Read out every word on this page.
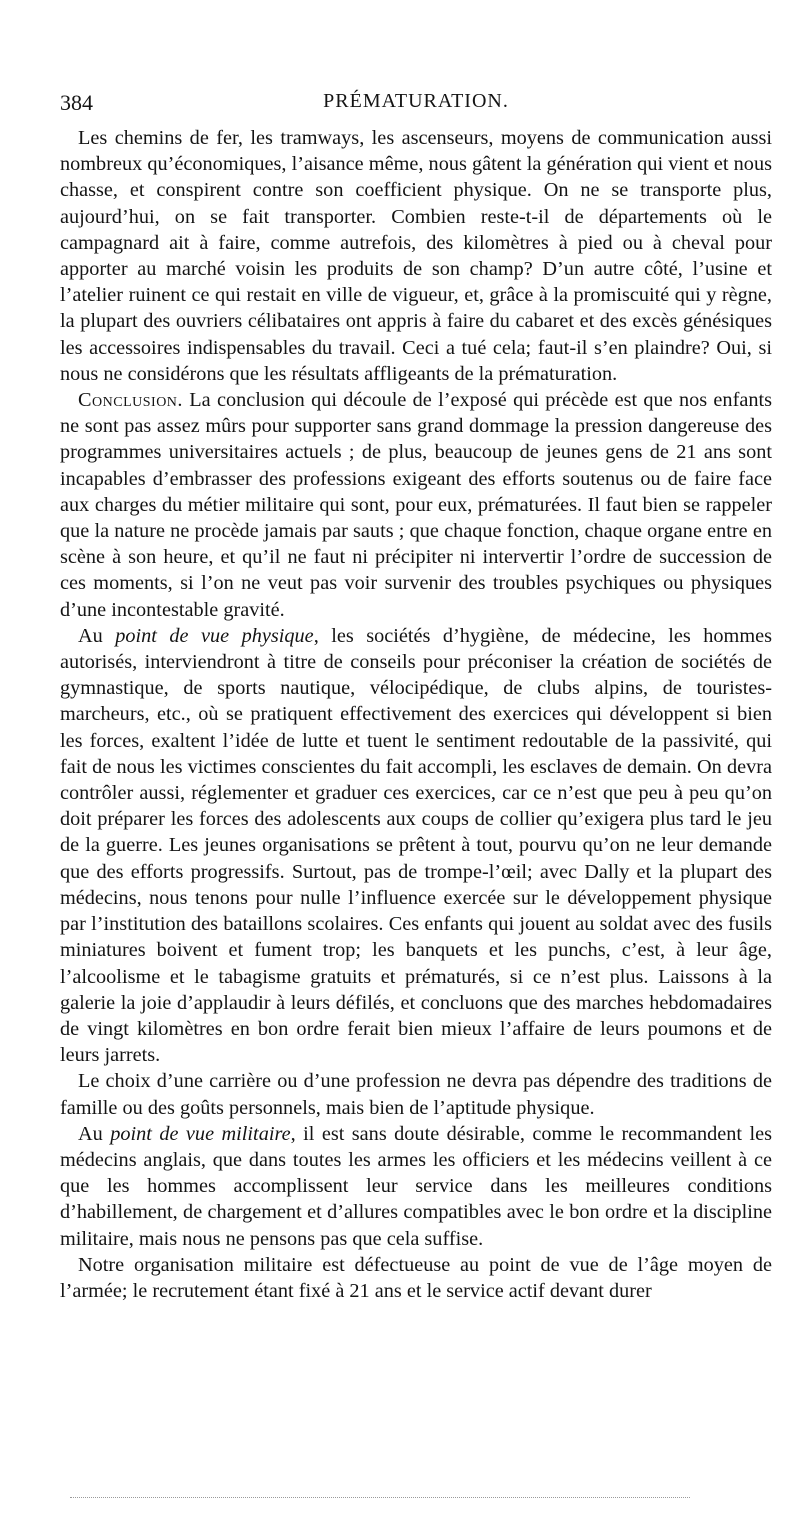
384	PRÉMATURATION.

Les chemins de fer, les tramways, les ascenseurs, moyens de communication aussi nombreux qu’économiques, l’aisance même, nous gâtent la génération qui vient et nous chasse, et conspirent contre son coefficient physique. On ne se transporte plus, aujourd’hui, on se fait transporter. Combien reste-t-il de départements où le campagnard ait à faire, comme autrefois, des kilomètres à pied ou à cheval pour apporter au marché voisin les produits de son champ? D’un autre côté, l’usine et l’atelier ruinent ce qui restait en ville de vigueur, et, grâce à la promiscuité qui y règne, la plupart des ouvriers célibataires ont appris à faire du cabaret et des excès génésiques les accessoires indispensables du travail. Ceci a tué cela; faut-il s’en plaindre? Oui, si nous ne considérons que les résultats affligeants de la prématuration.

Conclusion. La conclusion qui découle de l’exposé qui précède est que nos enfants ne sont pas assez mûrs pour supporter sans grand dommage la pression dangereuse des programmes universitaires actuels ; de plus, beaucoup de jeunes gens de 21 ans sont incapables d’embrasser des professions exigeant des efforts soutenus ou de faire face aux charges du métier militaire qui sont, pour eux, prématurées. Il faut bien se rappeler que la nature ne procède jamais par sauts ; que chaque fonction, chaque organe entre en scène à son heure, et qu’il ne faut ni précipiter ni intervertir l’ordre de succession de ces moments, si l’on ne veut pas voir survenir des troubles psychiques ou physiques d’une incontestable gravité.

Au point de vue physique, les sociétés d’hygiène, de médecine, les hommes autorisés, interviendront à titre de conseils pour préconiser la création de sociétés de gymnastique, de sports nautique, vélocipédique, de clubs alpins, de touristes-marcheurs, etc., où se pratiquent effectivement des exercices qui développent si bien les forces, exaltent l’idée de lutte et tuent le sentiment redoutable de la passivité, qui fait de nous les victimes conscientes du fait accompli, les esclaves de demain. On devra contrôler aussi, réglementer et graduer ces exercices, car ce n’est que peu à peu qu’on doit préparer les forces des adolescents aux coups de collier qu’exigera plus tard le jeu de la guerre. Les jeunes organisations se prêtent à tout, pourvu qu’on ne leur demande que des efforts progressifs. Surtout, pas de trompe-l’œil; avec Dally et la plupart des médecins, nous tenons pour nulle l’influence exercée sur le développement physique par l’institution des bataillons scolaires. Ces enfants qui jouent au soldat avec des fusils miniatures boivent et fument trop; les banquets et les punchs, c’est, à leur âge, l’alcoolisme et le tabagisme gratuits et prématurés, si ce n’est plus. Laissons à la galerie la joie d’applaudir à leurs défilés, et concluons que des marches hebdomadaires de vingt kilomètres en bon ordre ferait bien mieux l’affaire de leurs poumons et de leurs jarrets.

Le choix d’une carrière ou d’une profession ne devra pas dépendre des traditions de famille ou des goûts personnels, mais bien de l’aptitude physique.

Au point de vue militaire, il est sans doute désirable, comme le recommandent les médecins anglais, que dans toutes les armes les officiers et les médecins veillent à ce que les hommes accomplissent leur service dans les meilleures conditions d’habillement, de chargement et d’allures compatibles avec le bon ordre et la discipline militaire, mais nous ne pensons pas que cela suffise.

Notre organisation militaire est défectueuse au point de vue de l’âge moyen de l’armée; le recrutement étant fixé à 21 ans et le service actif devant durer
